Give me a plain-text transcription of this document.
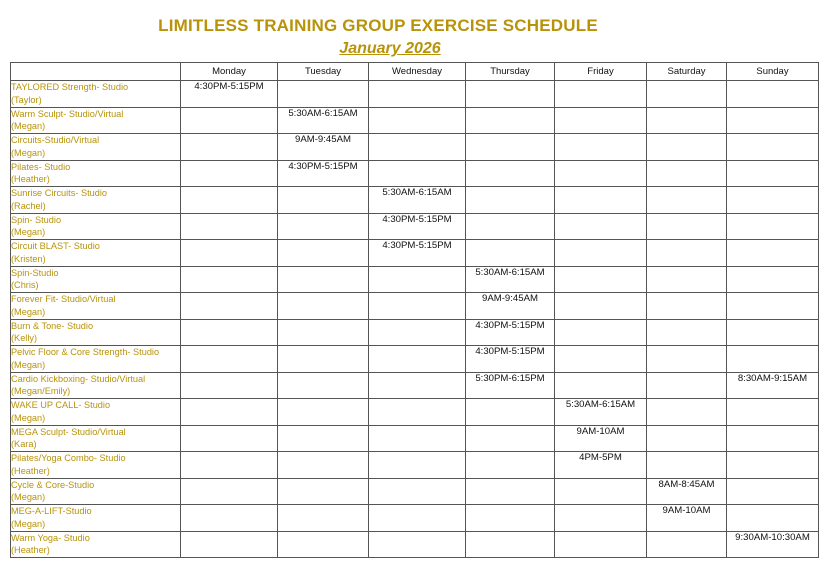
LIMITLESS TRAINING GROUP EXERCISE SCHEDULE
January 2026
	Monday	Tuesday	Wednesday	Thursday	Friday	Saturday	Sunday

TAYLORED Strength- Studio
(Taylor)	4:30PM-5:15PM						

Warm Sculpt- Studio/Virtual
(Megan)		5:30AM-6:15AM					

Circuits-Studio/Virtual
(Megan)		9AM-9:45AM					

Pilates- Studio
(Heather)		4:30PM-5:15PM					

Sunrise Circuits- Studio
(Rachel)			5:30AM-6:15AM				

Spin- Studio
(Megan)			4:30PM-5:15PM				

Circuit BLAST- Studio
(Kristen)			4:30PM-5:15PM				

Spin-Studio
(Chris)				5:30AM-6:15AM			

Forever Fit- Studio/Virtual
(Megan)				9AM-9:45AM			

Burn & Tone- Studio
(Kelly)				4:30PM-5:15PM			

Pelvic Floor & Core Strength- Studio
(Megan)				4:30PM-5:15PM			

Cardio Kickboxing- Studio/Virtual
(Megan/Emily)				5:30PM-6:15PM			8:30AM-9:15AM

WAKE UP CALL- Studio
(Megan)					5:30AM-6:15AM		

MEGA Sculpt- Studio/Virtual
(Kara)					9AM-10AM		

Pilates/Yoga Combo- Studio
(Heather)					4PM-5PM		

Cycle & Core-Studio
(Megan)						8AM-8:45AM	

MEG-A-LIFT-Studio
(Megan)						9AM-10AM	

Warm Yoga- Studio
(Heather)							9:30AM-10:30AM
